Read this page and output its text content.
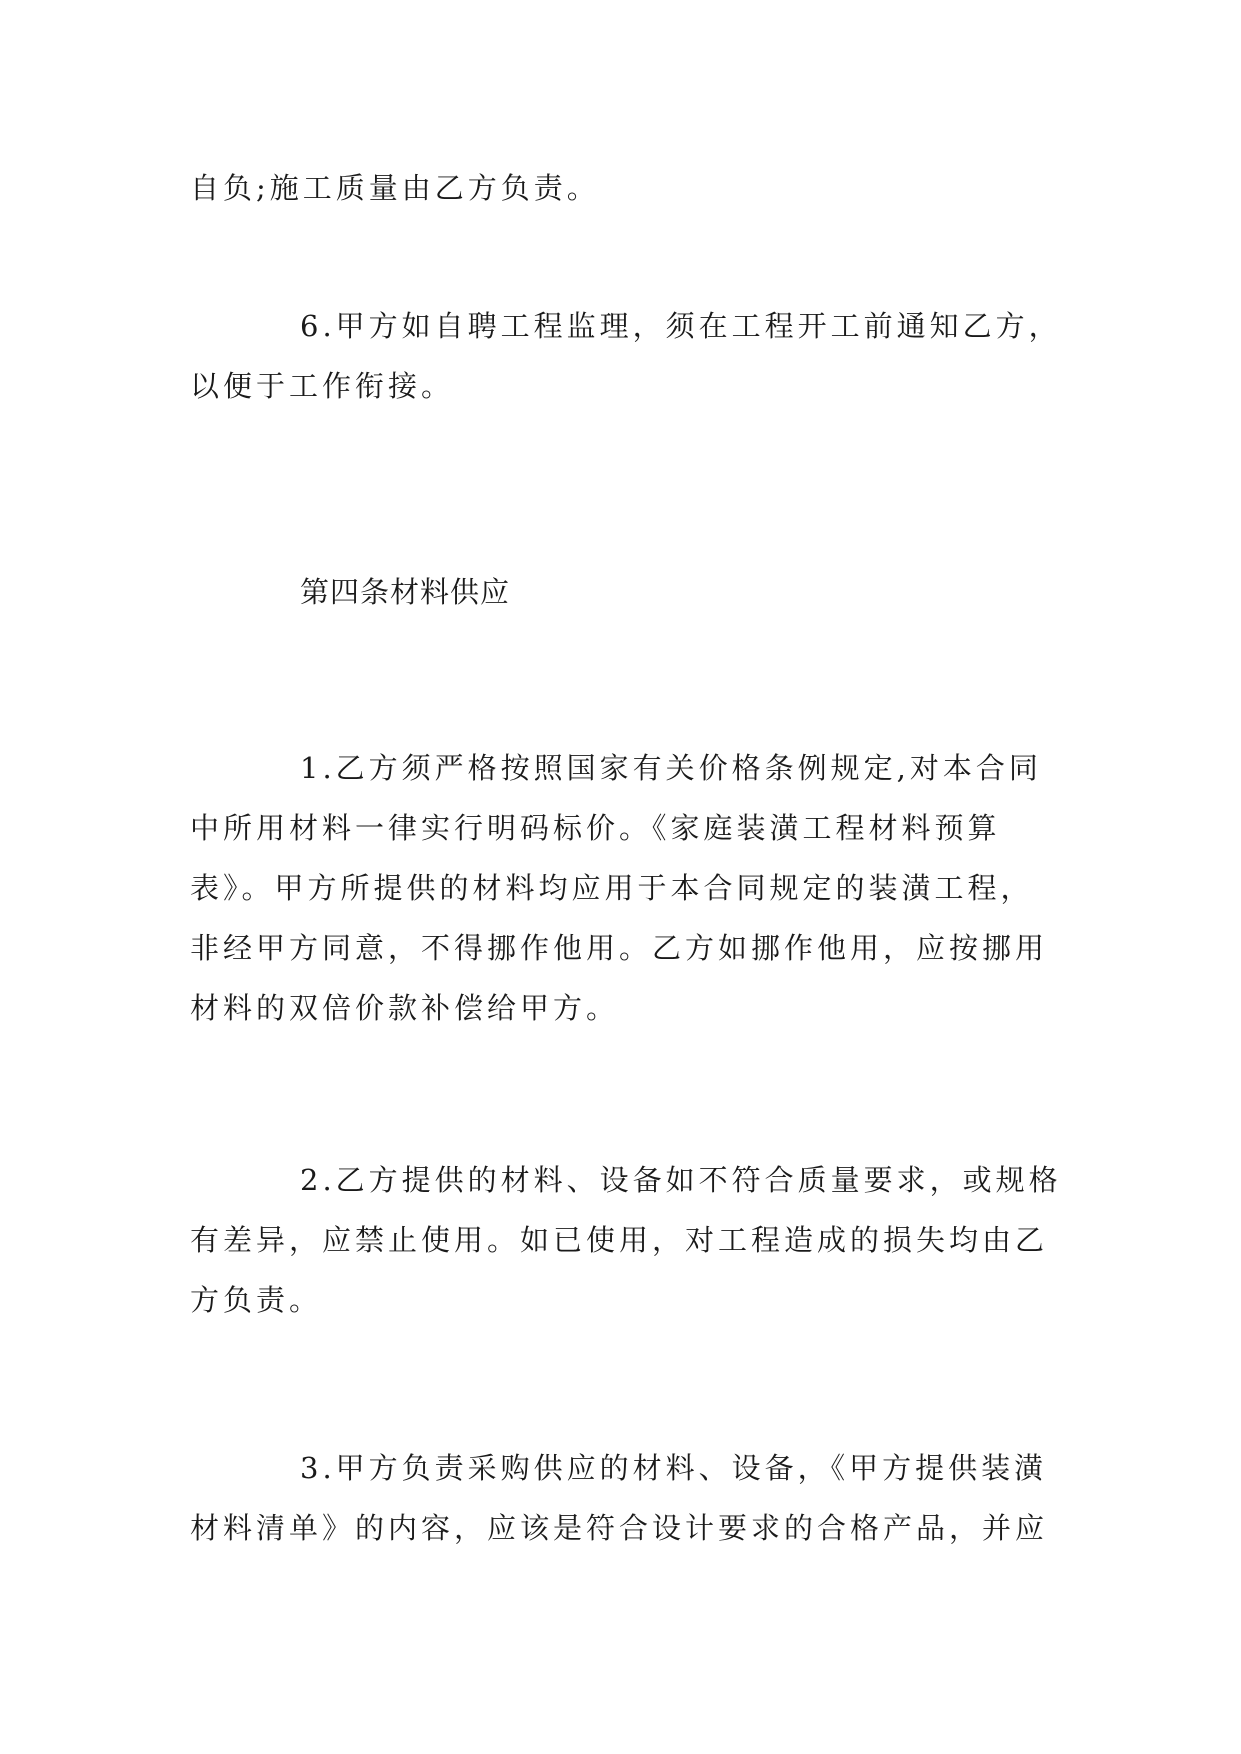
自负;施工质量由乙方负责。

6.甲方如自聘工程监理，须在工程开工前通知乙方，
以便于工作衔接。

第四条材料供应

1.乙方须严格按照国家有关价格条例规定,对本合同
中所用材料一律实行明码标价。《家庭装潢工程材料预算
表》。甲方所提供的材料均应用于本合同规定的装潢工程，
非经甲方同意，不得挪作他用。乙方如挪作他用，应按挪用
材料的双倍价款补偿给甲方。

2.乙方提供的材料、设备如不符合质量要求，或规格
有差异，应禁止使用。如已使用，对工程造成的损失均由乙
方负责。

3.甲方负责采购供应的材料、设备，《甲方提供装潢
材料清单》的内容，应该是符合设计要求的合格产品，并应
